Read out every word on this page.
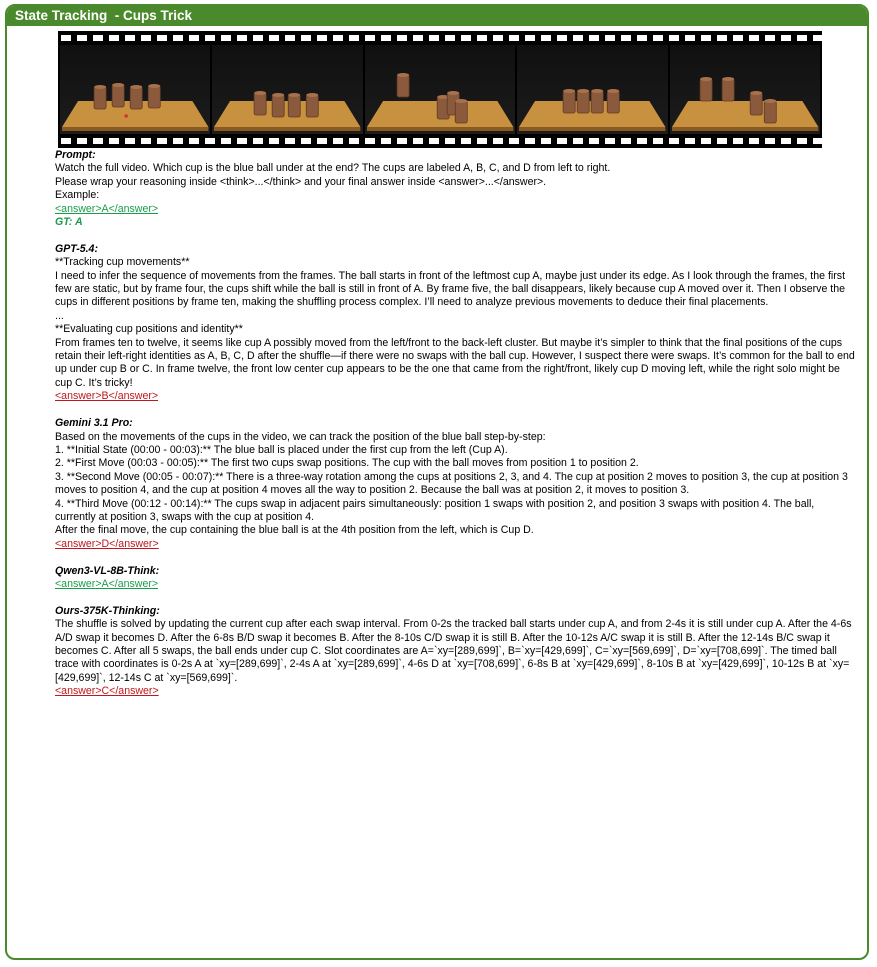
State Tracking  - Cups Trick

Prompt:

Watch the full video. Which cup is the blue ball under at the end? The cups are labeled A, B, C, and D from left to right.

Please wrap your reasoning inside <think>...</think> and your final answer inside <answer>...</answer>.

Example:

<answer>A</answer>

GT: A

GPT-5.4:

**Tracking cup movements**

I need to infer the sequence of movements from the frames. The ball starts in front of the leftmost cup A, maybe just under its edge. As I look through the frames, the first few are static, but by frame four, the cups shift while the ball is still in front of A. By frame five, the ball disappears, likely because cup A moved over it. Then I observe the cups in different positions by frame ten, making the shuffling process complex. I’ll need to analyze previous movements to deduce their final placements.

...

**Evaluating cup positions and identity**

From frames ten to twelve, it seems like cup A possibly moved from the left/front to the back-left cluster. But maybe it’s simpler to think that the final positions of the cups retain their left-right identities as A, B, C, D after the shuffle—if there were no swaps with the ball cup. However, I suspect there were swaps. It’s common for the ball to end up under cup B or C. In frame twelve, the front low center cup appears to be the one that came from the right/front, likely cup D moving left, while the right solo might be cup C. It’s tricky!

<answer>B</answer>

Gemini 3.1 Pro:

Based on the movements of the cups in the video, we can track the position of the blue ball step-by-step:

1. **Initial State (00:00 - 00:03):** The blue ball is placed under the first cup from the left (Cup A).

2. **First Move (00:03 - 00:05):** The first two cups swap positions. The cup with the ball moves from position 1 to position 2.

3. **Second Move (00:05 - 00:07):** There is a three-way rotation among the cups at positions 2, 3, and 4. The cup at position 2 moves to position 3, the cup at position 3 moves to position 4, and the cup at position 4 moves all the way to position 2. Because the ball was at position 2, it moves to position 3.

4. **Third Move (00:12 - 00:14):** The cups swap in adjacent pairs simultaneously: position 1 swaps with position 2, and position 3 swaps with position 4. The ball, currently at position 3, swaps with the cup at position 4.

After the final move, the cup containing the blue ball is at the 4th position from the left, which is Cup D.

<answer>D</answer>

Qwen3-VL-8B-Think:

<answer>A</answer>

Ours-375K-Thinking:

The shuffle is solved by updating the current cup after each swap interval. From 0-2s the tracked ball starts under cup A, and from 2-4s it is still under cup A. After the 4-6s A/D swap it becomes D. After the 6-8s B/D swap it becomes B. After the 8-10s C/D swap it is still B. After the 10-12s A/C swap it is still B. After the 12-14s B/C swap it becomes C. After all 5 swaps, the ball ends under cup C. Slot coordinates are A=`xy=[289,699]`, B=`xy=[429,699]`, C=`xy=[569,699]`, D=`xy=[708,699]`. The timed ball trace with coordinates is 0-2s A at `xy=[289,699]`, 2-4s A at `xy=[289,699]`, 4-6s D at `xy=[708,699]`, 6-8s B at `xy=[429,699]`, 8-10s B at `xy=[429,699]`, 10-12s B at `xy=[429,699]`, 12-14s C at `xy=[569,699]`.

<answer>C</answer>
